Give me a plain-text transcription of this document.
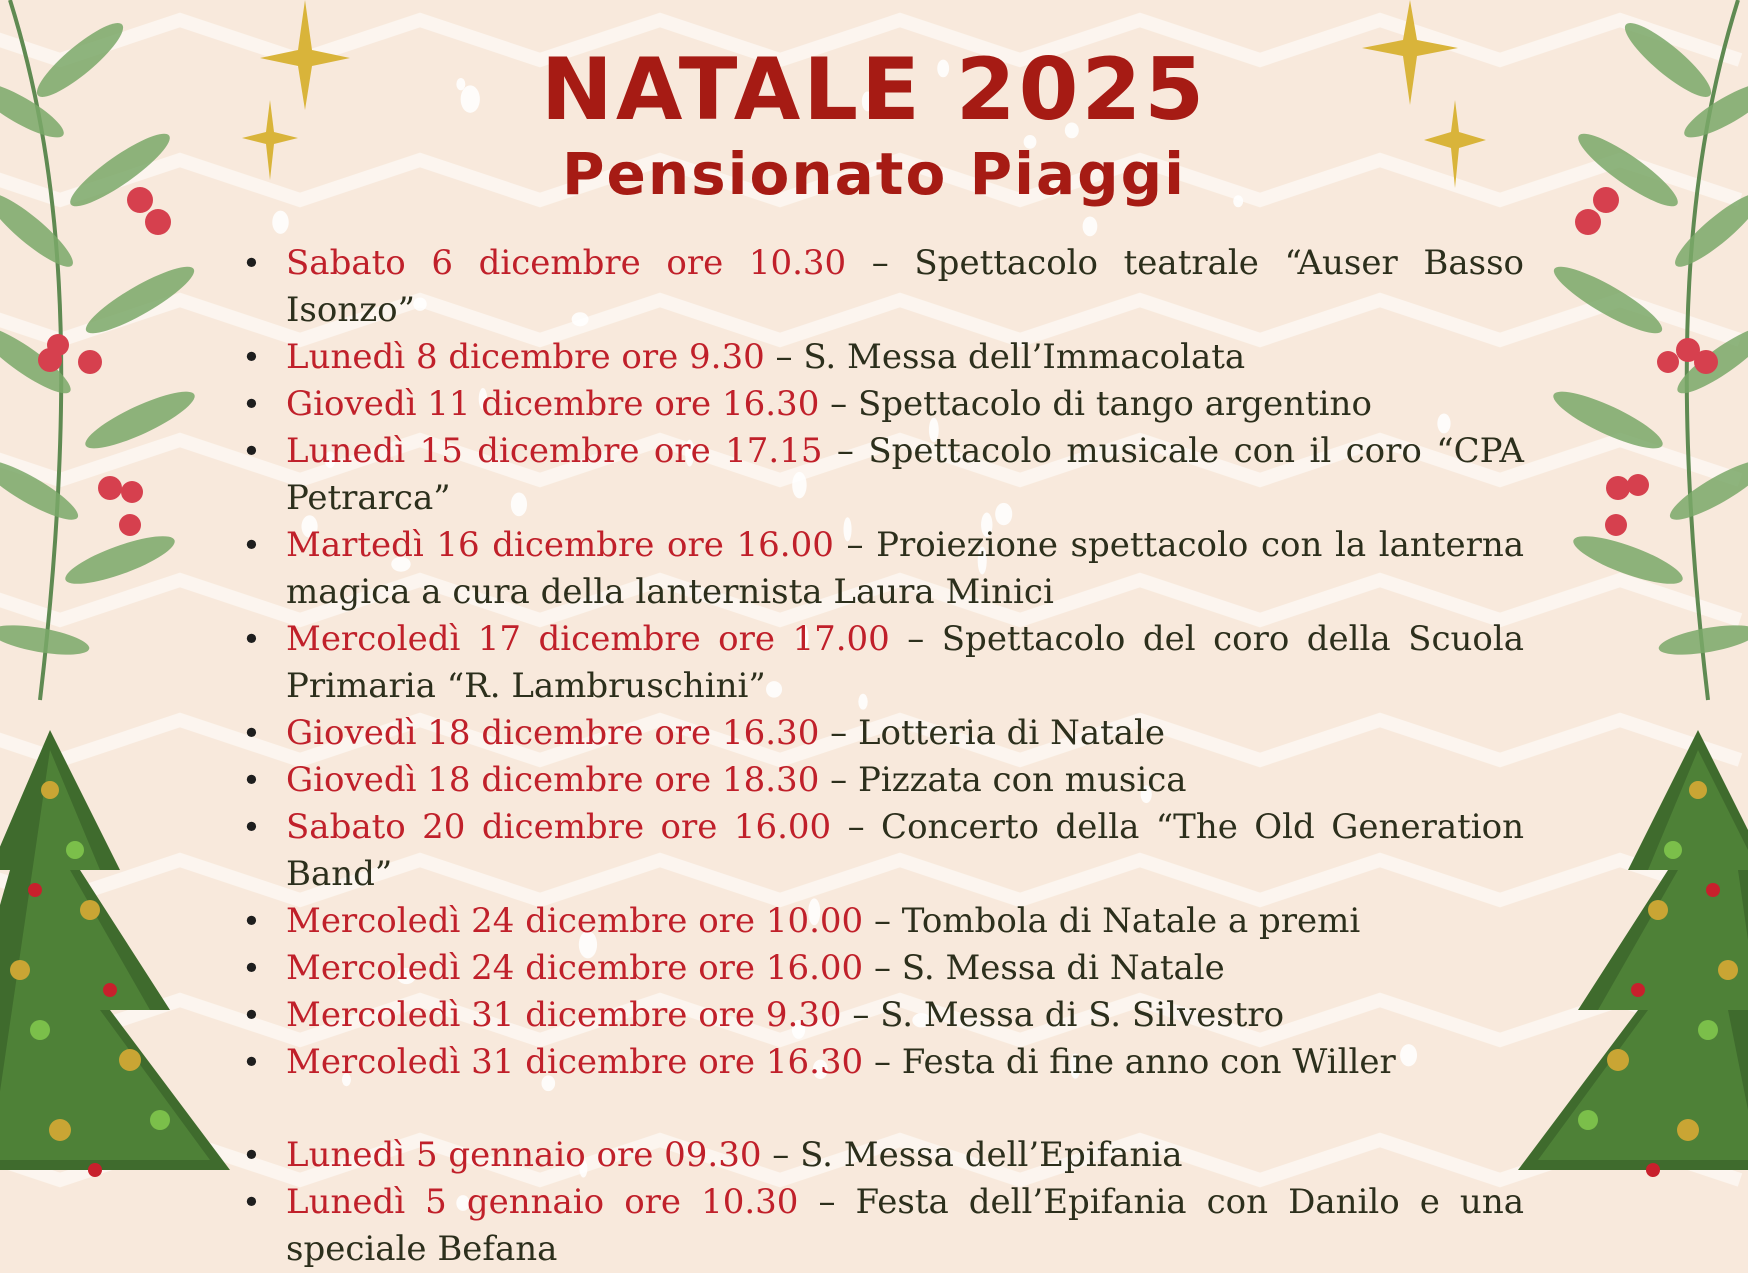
NATALE 2025
Pensionato Piaggi
• Sabato 6 dicembre ore 10.30 – Spettacolo teatrale “Auser Basso Isonzo”
• Lunedì 8 dicembre ore 9.30 – S. Messa dell’Immacolata
• Giovedì 11 dicembre ore 16.30 – Spettacolo di tango argentino
• Lunedì 15 dicembre ore 17.15 – Spettacolo musicale con il coro “CPA Petrarca”
• Martedì 16 dicembre ore 16.00 – Proiezione spettacolo con la lanterna magica a cura della lanternista Laura Minici
• Mercoledì 17 dicembre ore 17.00 – Spettacolo del coro della Scuola Primaria “R. Lambruschini”
• Giovedì 18 dicembre ore 16.30 – Lotteria di Natale
• Giovedì 18 dicembre ore 18.30 – Pizzata con musica
• Sabato 20 dicembre ore 16.00 – Concerto della “The Old Generation Band”
• Mercoledì 24 dicembre ore 10.00 – Tombola di Natale a premi
• Mercoledì 24 dicembre ore 16.00 – S. Messa di Natale
• Mercoledì 31 dicembre ore 9.30 – S. Messa di S. Silvestro
• Mercoledì 31 dicembre ore 16.30 – Festa di fine anno con Willer
• Lunedì 5 gennaio ore 09.30 – S. Messa dell’Epifania
• Lunedì 5 gennaio ore 10.30 – Festa dell’Epifania con Danilo e una speciale Befana
